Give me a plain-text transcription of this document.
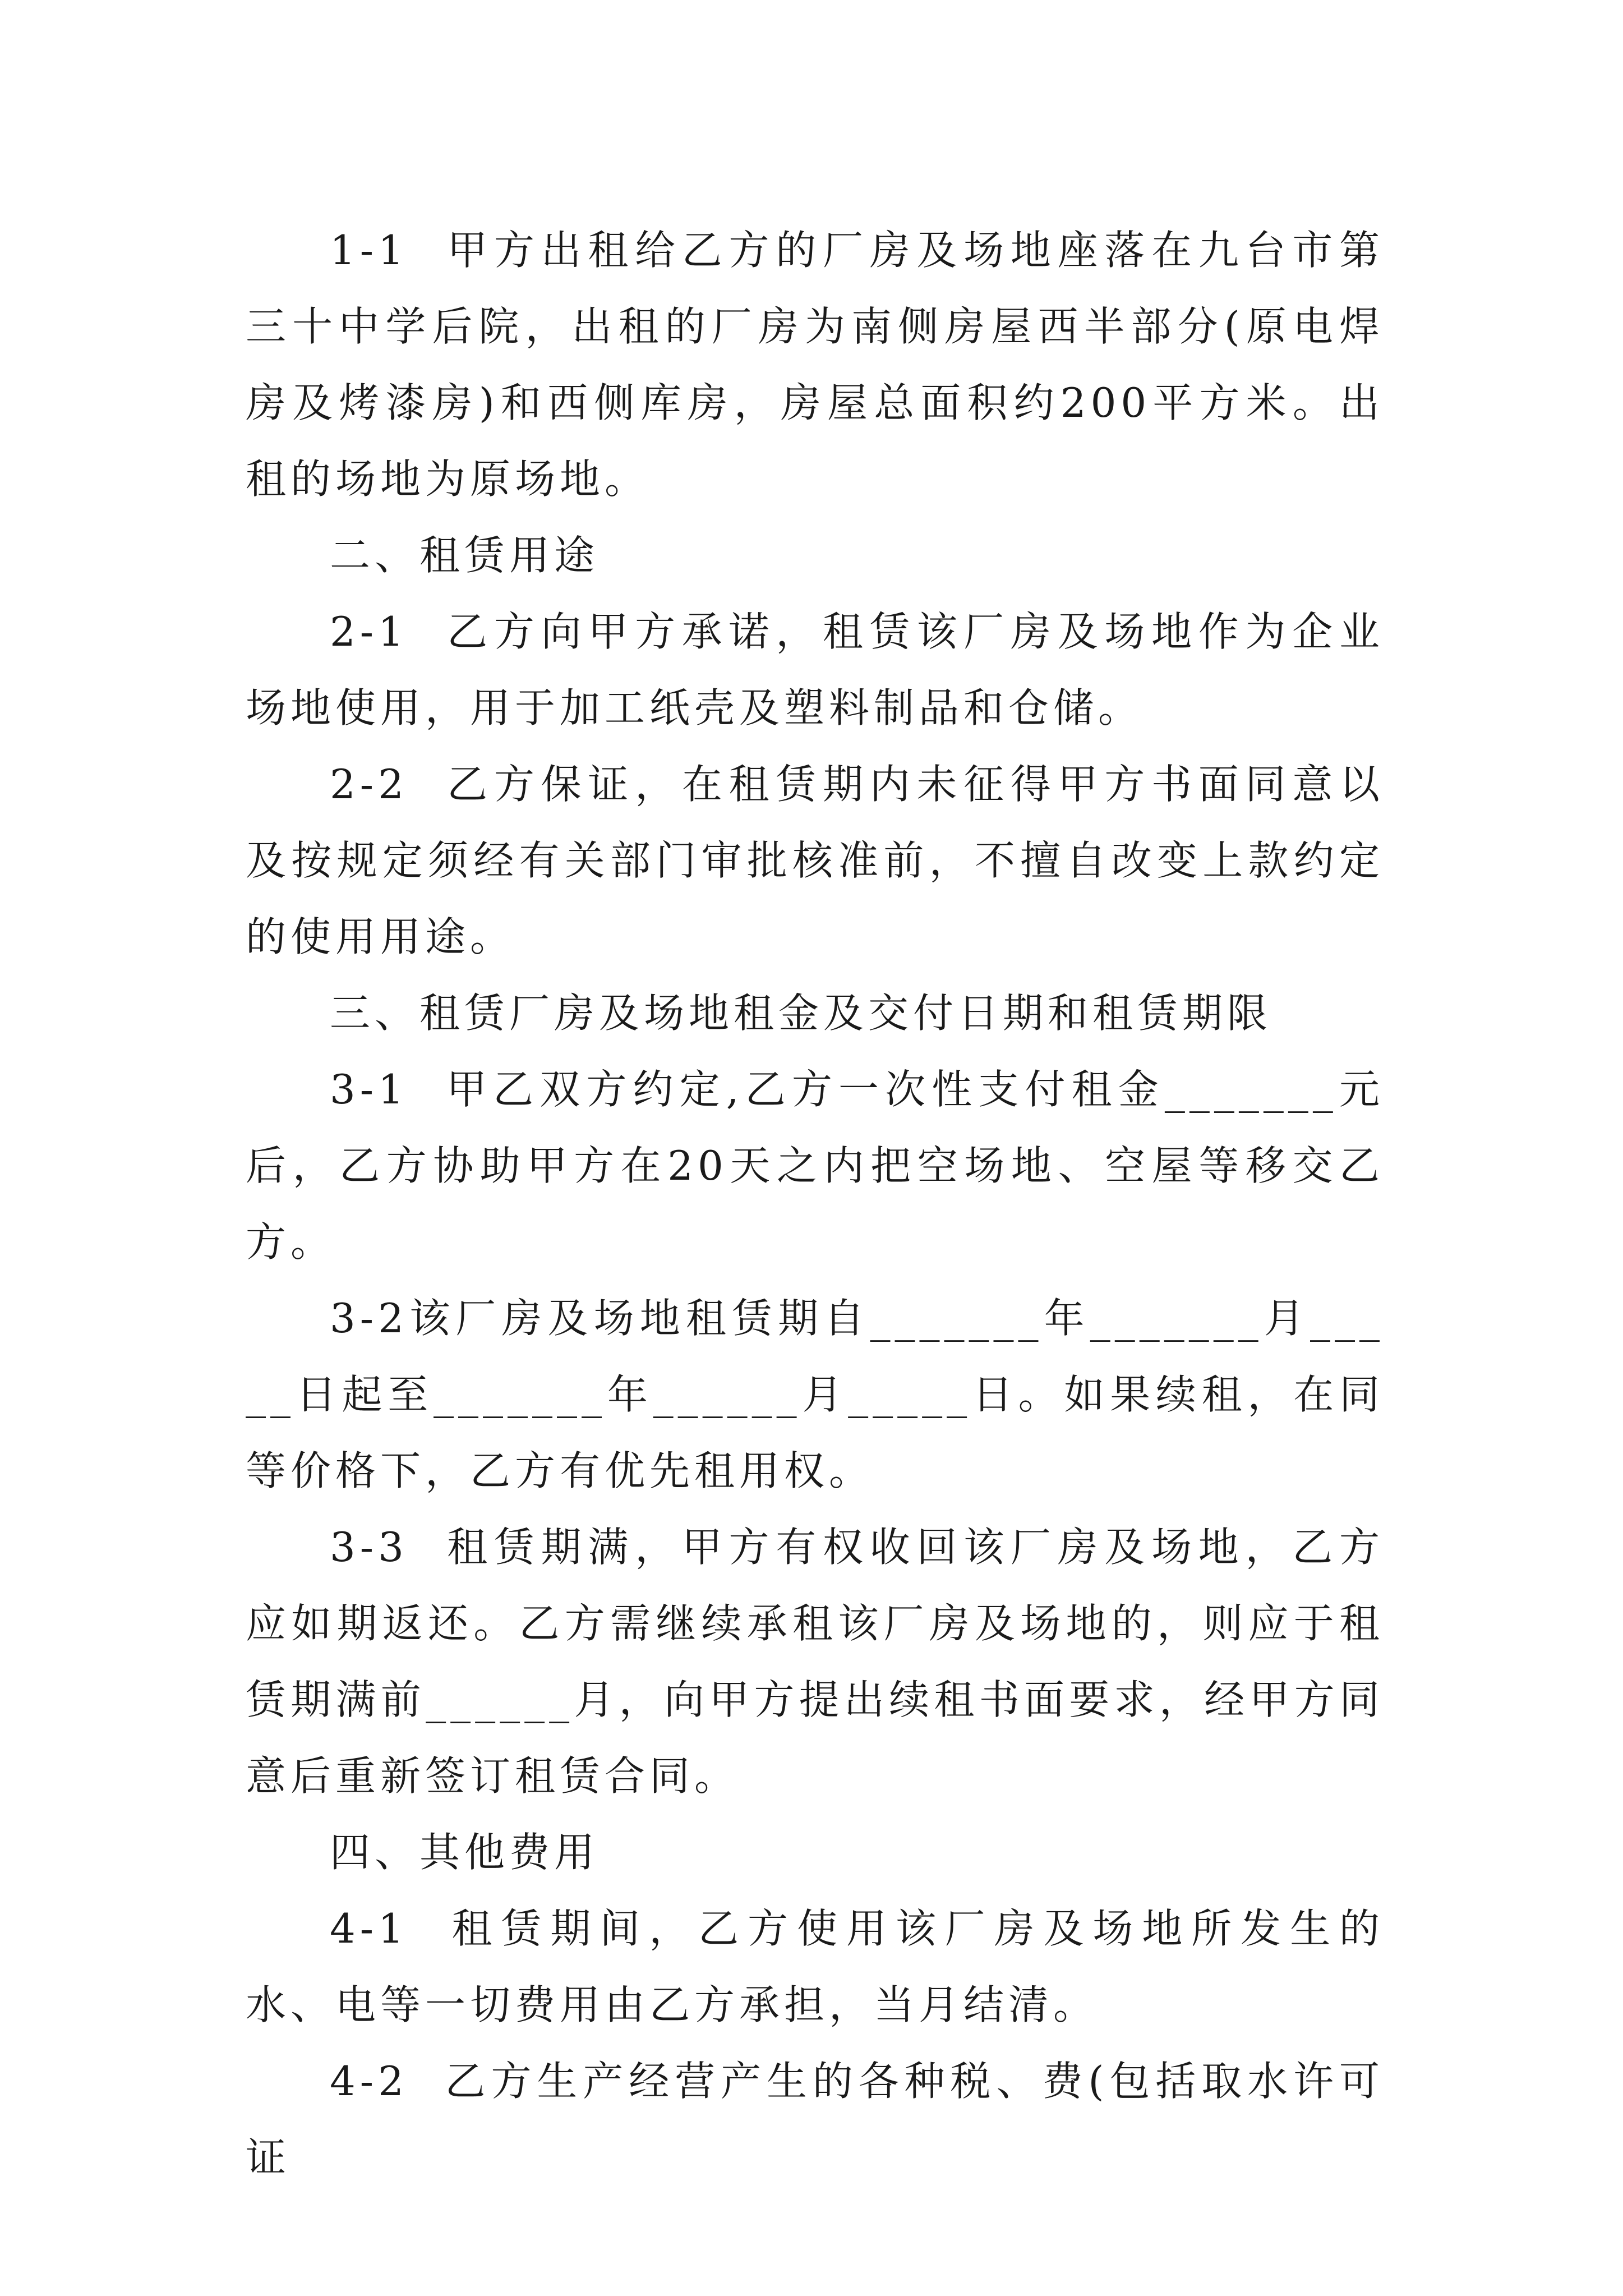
1-1  甲方出租给乙方的厂房及场地座落在九台市第三十中学后院，出租的厂房为南侧房屋西半部分(原电焊房及烤漆房)和西侧库房，房屋总面积约200平方米。出租的场地为原场地。

二、租赁用途

2-1  乙方向甲方承诺，租赁该厂房及场地作为企业场地使用，用于加工纸壳及塑料制品和仓储。

2-2  乙方保证，在租赁期内未征得甲方书面同意以及按规定须经有关部门审批核准前，不擅自改变上款约定的使用用途。

三、租赁厂房及场地租金及交付日期和租赁期限

3-1  甲乙双方约定,乙方一次性支付租金_______元后，乙方协助甲方在20天之内把空场地、空屋等移交乙方。

3-2该厂房及场地租赁期自_______年_______月_____日起至_______年______月_____日。如果续租，在同等价格下，乙方有优先租用权。

3-3  租赁期满，甲方有权收回该厂房及场地，乙方应如期返还。乙方需继续承租该厂房及场地的，则应于租赁期满前______月，向甲方提出续租书面要求，经甲方同意后重新签订租赁合同。

四、其他费用

4-1  租赁期间，乙方使用该厂房及场地所发生的水、电等一切费用由乙方承担，当月结清。

4-2  乙方生产经营产生的各种税、费(包括取水许可证
